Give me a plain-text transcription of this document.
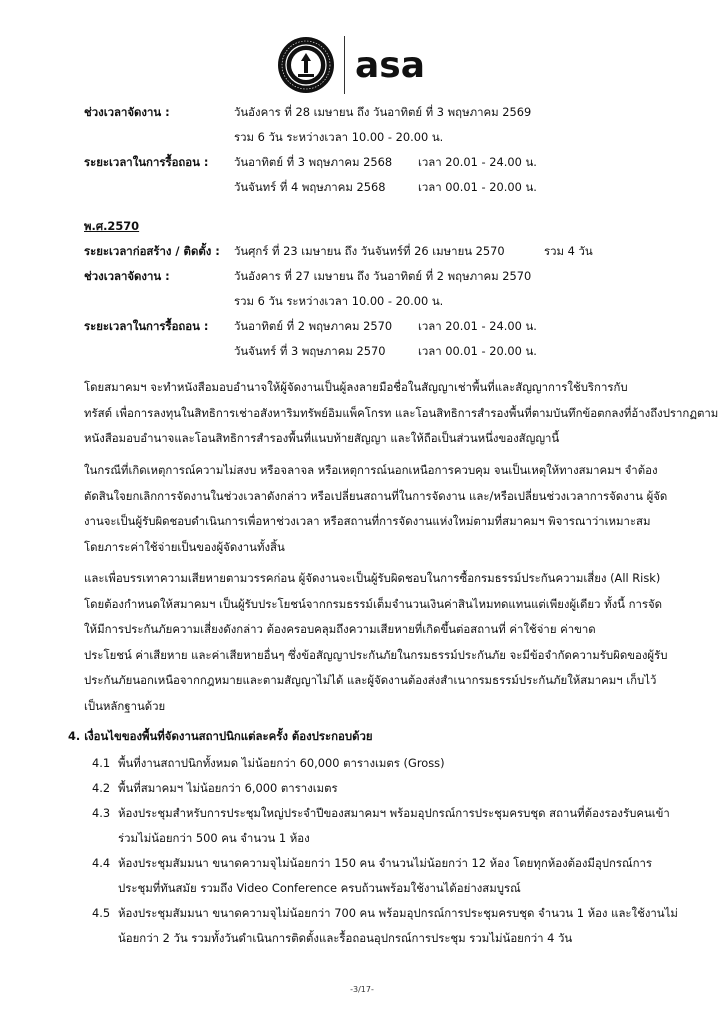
asa
ช่วงเวลาจัดงาน :	วันอังคาร ที่ 28 เมษายน ถึง วันอาทิตย์ ที่ 3 พฤษภาคม 2569
รวม 6 วัน ระหว่างเวลา 10.00 - 20.00 น.
ระยะเวลาในการรื้อถอน : วันอาทิตย์ ที่ 3 พฤษภาคม 2568 เวลา 20.01 - 24.00 น.
วันจันทร์ ที่ 4 พฤษภาคม 2568	เวลา 00.01 - 20.00 น.
พ.ศ.2570
ระยะเวลาก่อสร้าง / ติดตั้ง : วันศุกร์ ที่ 23 เมษายน ถึง วันจันทร์ที่ 26 เมษายน 2570	รวม 4 วัน
ช่วงเวลาจัดงาน :	วันอังคาร ที่ 27 เมษายน ถึง วันอาทิตย์ ที่ 2 พฤษภาคม 2570
รวม 6 วัน ระหว่างเวลา 10.00 - 20.00 น.
ระยะเวลาในการรื้อถอน : วันอาทิตย์ ที่ 2 พฤษภาคม 2570 เวลา 20.01 - 24.00 น.
วันจันทร์ ที่ 3 พฤษภาคม 2570	เวลา 00.01 - 20.00 น.
โดยสมาคมฯ จะทำหนังสือมอบอำนาจให้ผู้จัดงานเป็นผู้ลงลายมือชื่อในสัญญาเช่าพื้นที่และสัญญาการใช้บริการกับ
ทรัสต์ เพื่อการลงทุนในสิทธิการเช่าอสังหาริมทรัพย์อิมแพ็คโกรท และโอนสิทธิการสำรองพื้นที่ตามบันทึกข้อตกลงที่อ้างถึงปรากฏตาม
หนังสือมอบอำนาจและโอนสิทธิการสำรองพื้นที่แนบท้ายสัญญา และให้ถือเป็นส่วนหนึ่งของสัญญานี้
ในกรณีที่เกิดเหตุการณ์ความไม่สงบ หรือจลาจล หรือเหตุการณ์นอกเหนือการควบคุม จนเป็นเหตุให้ทางสมาคมฯ จำต้อง
ตัดสินใจยกเลิกการจัดงานในช่วงเวลาดังกล่าว หรือเปลี่ยนสถานที่ในการจัดงาน และ/หรือเปลี่ยนช่วงเวลาการจัดงาน ผู้จัด
งานจะเป็นผู้รับผิดชอบดำเนินการเพื่อหาช่วงเวลา หรือสถานที่การจัดงานแห่งใหม่ตามที่สมาคมฯ พิจารณาว่าเหมาะสม
โดยภาระค่าใช้จ่ายเป็นของผู้จัดงานทั้งสิ้น
และเพื่อบรรเทาความเสียหายตามวรรคก่อน ผู้จัดงานจะเป็นผู้รับผิดชอบในการซื้อกรมธรรม์ประกันความเสี่ยง (All Risk)
โดยต้องกำหนดให้สมาคมฯ เป็นผู้รับประโยชน์จากกรมธรรม์เต็มจำนวนเงินค่าสินไหมทดแทนแต่เพียงผู้เดียว ทั้งนี้ การจัด
ให้มีการประกันภัยความเสี่ยงดังกล่าว ต้องครอบคลุมถึงความเสียหายที่เกิดขึ้นต่อสถานที่ ค่าใช้จ่าย ค่าขาด
ประโยชน์ ค่าเสียหาย และค่าเสียหายอื่นๆ ซึ่งข้อสัญญาประกันภัยในกรมธรรม์ประกันภัย จะมีข้อจำกัดความรับผิดของผู้รับ
ประกันภัยนอกเหนือจากกฎหมายและตามสัญญาไม่ได้ และผู้จัดงานต้องส่งสำเนากรมธรรม์ประกันภัยให้สมาคมฯ เก็บไว้
เป็นหลักฐานด้วย
4. เงื่อนไขของพื้นที่จัดงานสถาปนิกแต่ละครั้ง ต้องประกอบด้วย
4.1 พื้นที่งานสถาปนิกทั้งหมด ไม่น้อยกว่า 60,000 ตารางเมตร (Gross)
4.2 พื้นที่สมาคมฯ ไม่น้อยกว่า 6,000 ตารางเมตร
4.3 ห้องประชุมสำหรับการประชุมใหญ่ประจำปีของสมาคมฯ พร้อมอุปกรณ์การประชุมครบชุด สถานที่ต้องรองรับคนเข้า
ร่วมไม่น้อยกว่า 500 คน จำนวน 1 ห้อง
4.4 ห้องประชุมสัมมนา ขนาดความจุไม่น้อยกว่า 150 คน จำนวนไม่น้อยกว่า 12 ห้อง โดยทุกห้องต้องมีอุปกรณ์การ
ประชุมที่ทันสมัย รวมถึง Video Conference ครบถ้วนพร้อมใช้งานได้อย่างสมบูรณ์
4.5 ห้องประชุมสัมมนา ขนาดความจุไม่น้อยกว่า 700 คน พร้อมอุปกรณ์การประชุมครบชุด จำนวน 1 ห้อง และใช้งานไม่
น้อยกว่า 2 วัน รวมทั้งวันดำเนินการติดตั้งและรื้อถอนอุปกรณ์การประชุม รวมไม่น้อยกว่า 4 วัน
-3/17-
